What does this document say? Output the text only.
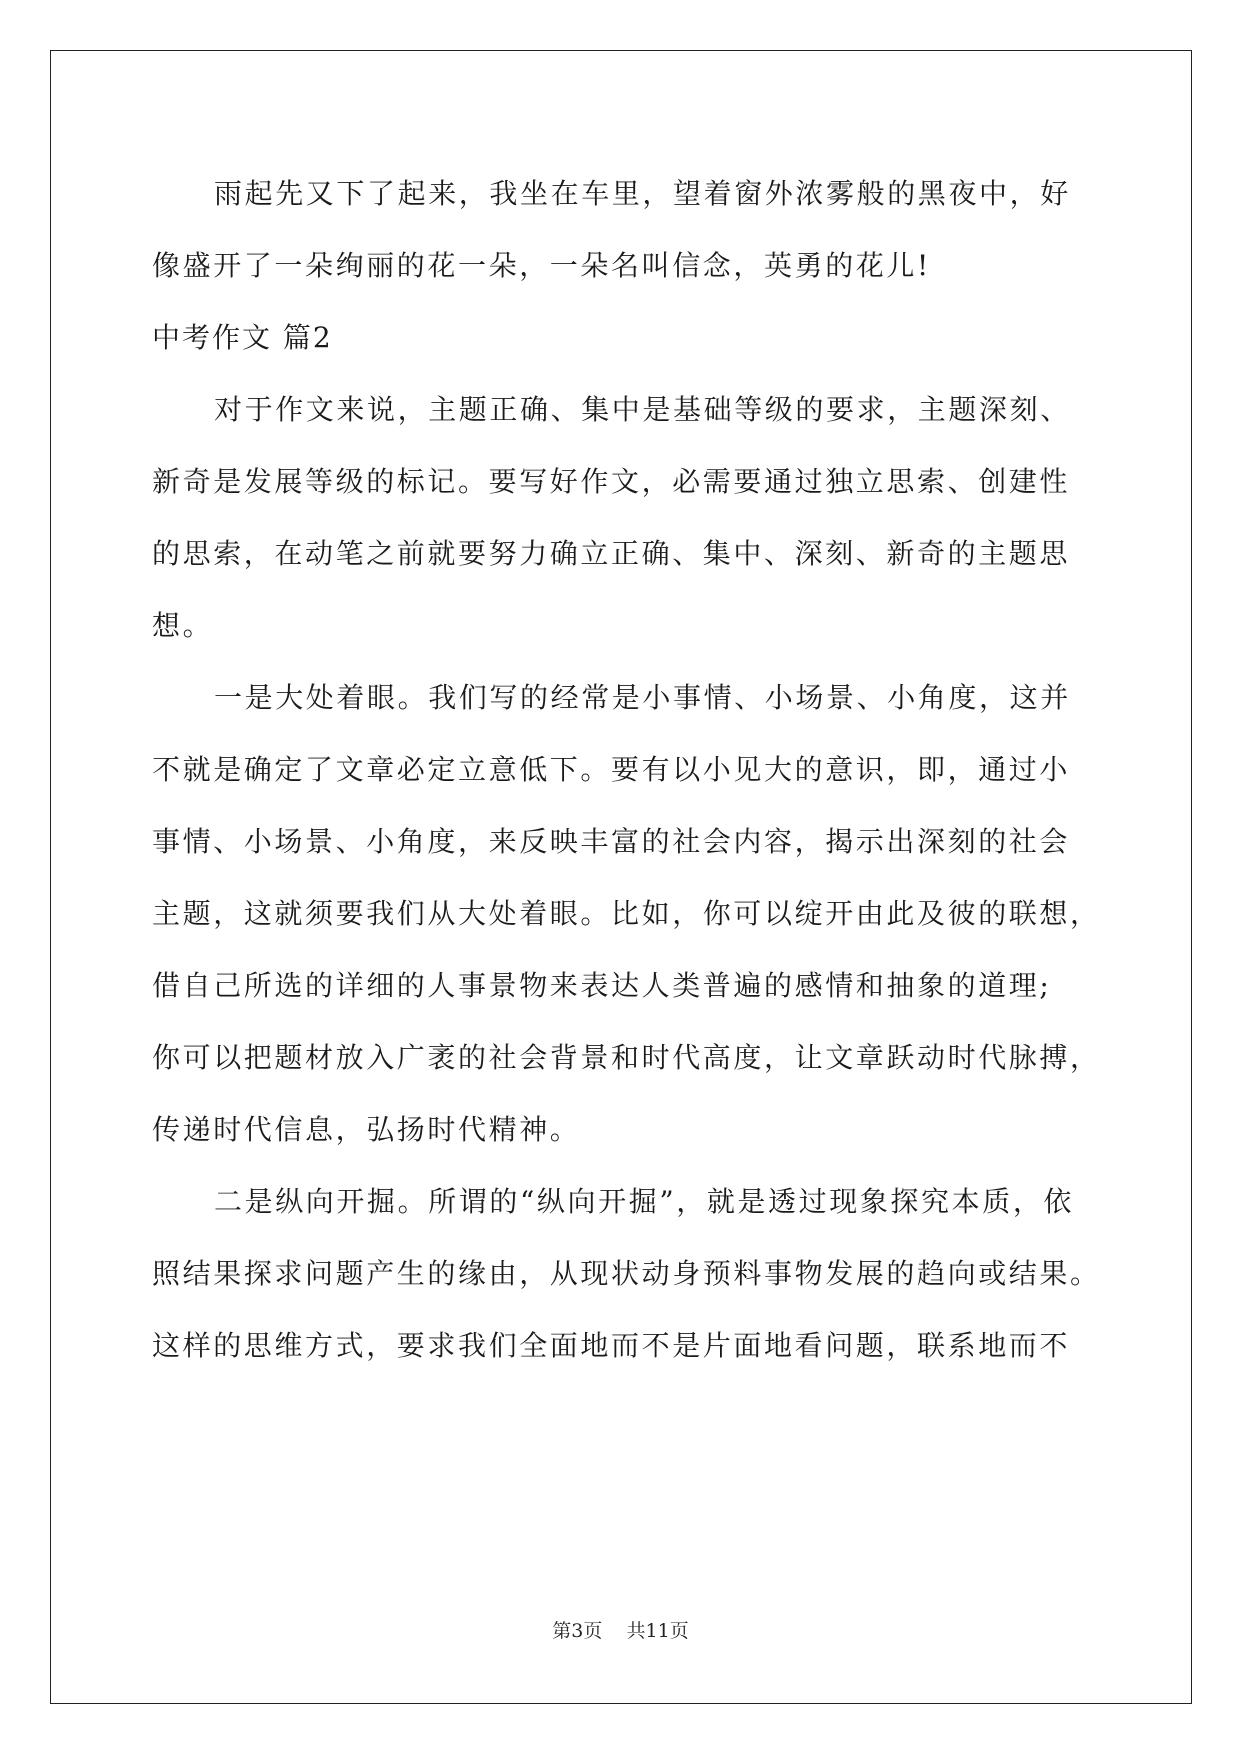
雨起先又下了起来，我坐在车里，望着窗外浓雾般的黑夜中，好
像盛开了一朵绚丽的花一朵，一朵名叫信念，英勇的花儿!
中考作文 篇2
对于作文来说，主题正确、集中是基础等级的要求，主题深刻、
新奇是发展等级的标记。要写好作文，必需要通过独立思索、创建性
的思索，在动笔之前就要努力确立正确、集中、深刻、新奇的主题思
想。
一是大处着眼。我们写的经常是小事情、小场景、小角度，这并
不就是确定了文章必定立意低下。要有以小见大的意识，即，通过小
事情、小场景、小角度，来反映丰富的社会内容，揭示出深刻的社会
主题，这就须要我们从大处着眼。比如，你可以绽开由此及彼的联想，
借自己所选的详细的人事景物来表达人类普遍的感情和抽象的道理;
你可以把题材放入广袤的社会背景和时代高度，让文章跃动时代脉搏，
传递时代信息，弘扬时代精神。
二是纵向开掘。所谓的“纵向开掘”，就是透过现象探究本质，依
照结果探求问题产生的缘由，从现状动身预料事物发展的趋向或结果。
这样的思维方式，要求我们全面地而不是片面地看问题，联系地而不
第3页 共11页
